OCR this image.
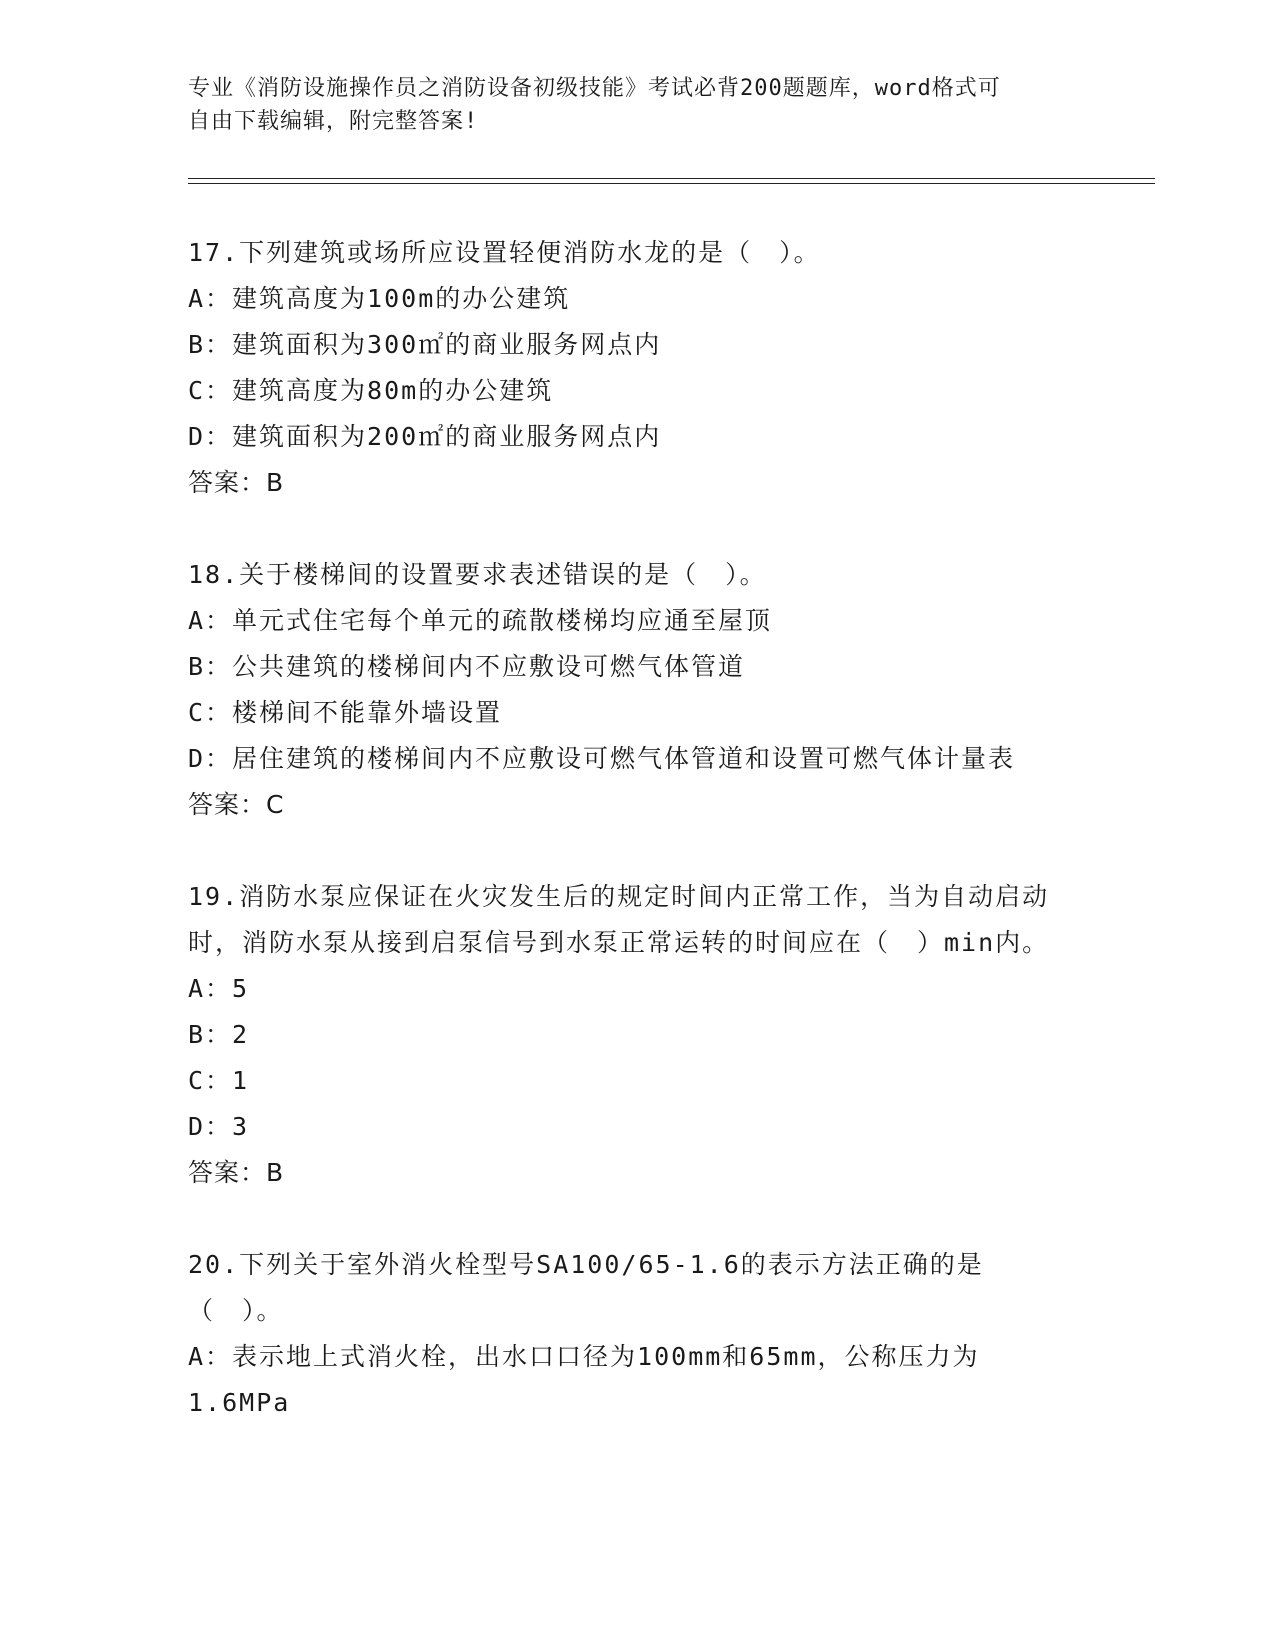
专业《消防设施操作员之消防设备初级技能》考试必背200题题库，word格式可
自由下载编辑，附完整答案!

17.下列建筑或场所应设置轻便消防水龙的是（　）。

A：建筑高度为100m的办公建筑

B：建筑面积为300㎡的商业服务网点内

C：建筑高度为80m的办公建筑

D：建筑面积为200㎡的商业服务网点内

答案：B

18.关于楼梯间的设置要求表述错误的是（　）。

A：单元式住宅每个单元的疏散楼梯均应通至屋顶

B：公共建筑的楼梯间内不应敷设可燃气体管道

C：楼梯间不能靠外墙设置

D：居住建筑的楼梯间内不应敷设可燃气体管道和设置可燃气体计量表

答案：C

19.消防水泵应保证在火灾发生后的规定时间内正常工作，当为自动启动时，消防水泵从接到启泵信号到水泵正常运转的时间应在（　）min内。

A：5

B：2

C：1

D：3

答案：B

20.下列关于室外消火栓型号SA100/65-1.6的表示方法正确的是（　）。

A：表示地上式消火栓，出水口口径为100mm和65mm，公称压力为1.6MPa
